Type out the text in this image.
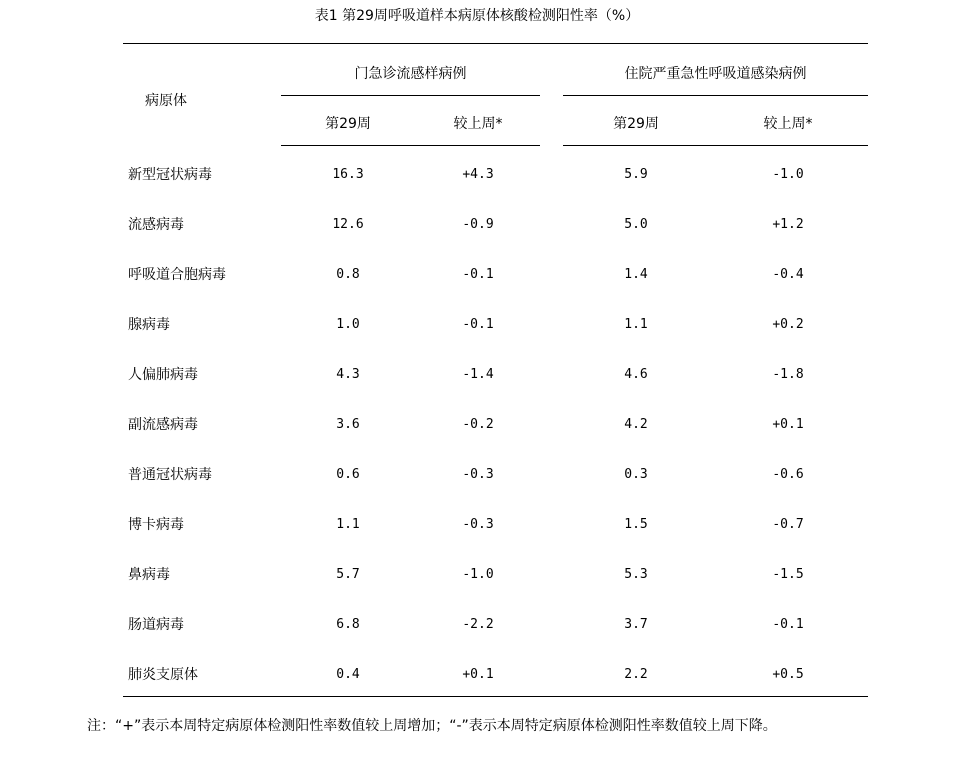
表1 第29周呼吸道样本病原体核酸检测阳性率（%）
病原体
门急诊流感样病例	住院严重急性呼吸道感染病例
第29周	较上周*	第29周	较上周*
新型冠状病毒	16.3	+4.3	5.9	-1.0
流感病毒	12.6	-0.9	5.0	+1.2
呼吸道合胞病毒	0.8	-0.1	1.4	-0.4
腺病毒	1.0	-0.1	1.1	+0.2
人偏肺病毒	4.3	-1.4	4.6	-1.8
副流感病毒	3.6	-0.2	4.2	+0.1
普通冠状病毒	0.6	-0.3	0.3	-0.6
博卡病毒	1.1	-0.3	1.5	-0.7
鼻病毒	5.7	-1.0	5.3	-1.5
肠道病毒	6.8	-2.2	3.7	-0.1
肺炎支原体	0.4	+0.1	2.2	+0.5
注：“+”表示本周特定病原体检测阳性率数值较上周增加；“-”表示本周特定病原体检测阳性率数值较上周下降。
